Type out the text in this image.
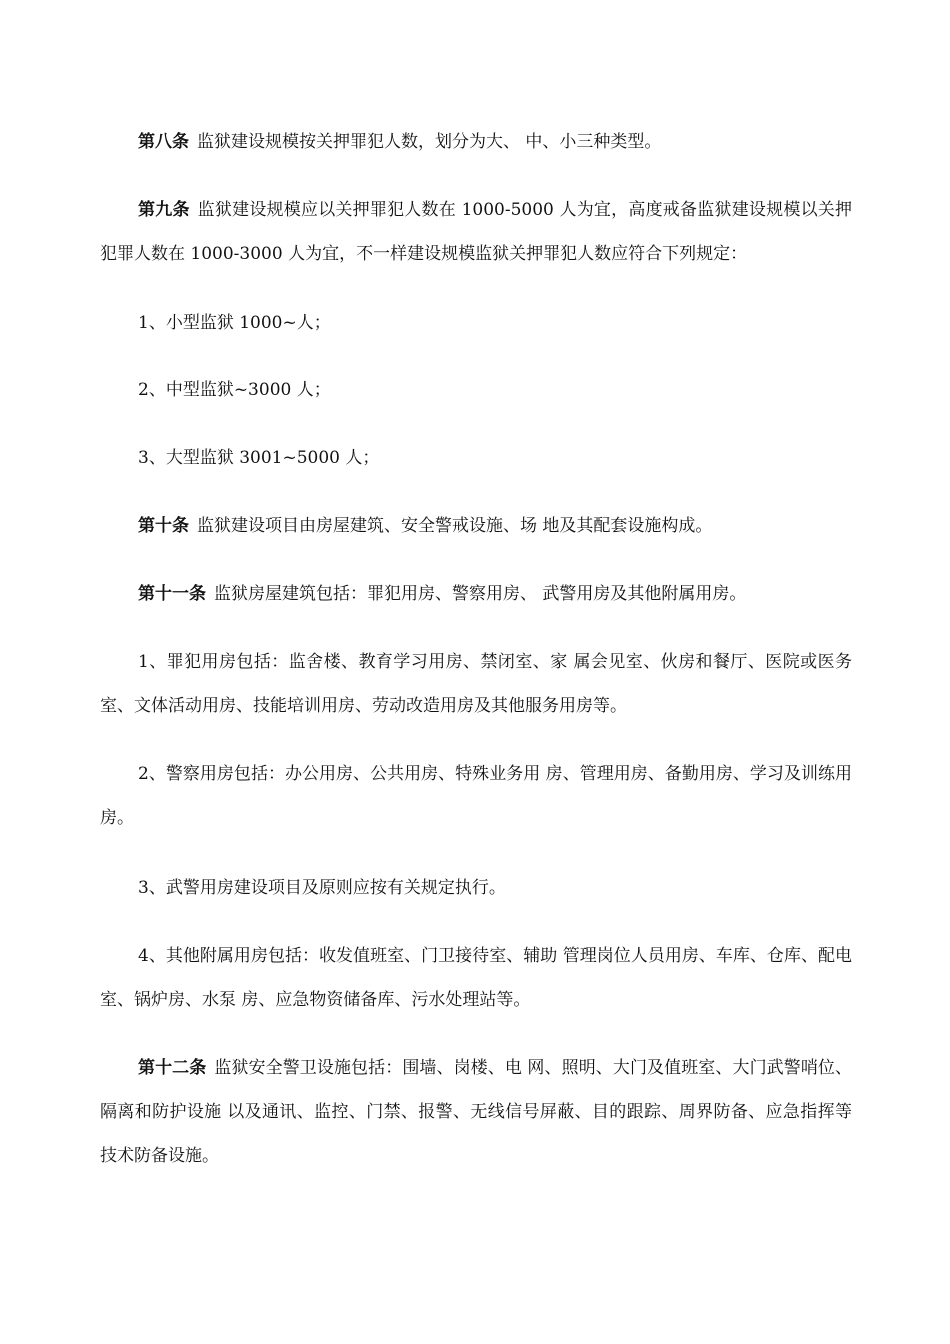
第八条 监狱建设规模按关押罪犯人数，划分为大、 中、小三种类型。

第九条 监狱建设规模应以关押罪犯人数在 1000-5000 人为宜，高度戒备监狱建设规模以关押犯罪人数在 1000-3000 人为宜，不一样建设规模监狱关押罪犯人数应符合下列规定：

1、小型监狱 1000~人；

2、中型监狱~3000 人；

3、大型监狱 3001~5000 人；

第十条 监狱建设项目由房屋建筑、安全警戒设施、场 地及其配套设施构成。

第十一条 监狱房屋建筑包括：罪犯用房、警察用房、 武警用房及其他附属用房。

1、罪犯用房包括：监舍楼、教育学习用房、禁闭室、家 属会见室、伙房和餐厅、医院或医务室、文体活动用房、技能培训用房、劳动改造用房及其他服务用房等。

2、警察用房包括：办公用房、公共用房、特殊业务用 房、管理用房、备勤用房、学习及训练用房。

3、武警用房建设项目及原则应按有关规定执行。

4、其他附属用房包括：收发值班室、门卫接待室、辅助 管理岗位人员用房、车库、仓库、配电室、锅炉房、水泵 房、应急物资储备库、污水处理站等。

第十二条 监狱安全警卫设施包括：围墙、岗楼、电 网、照明、大门及值班室、大门武警哨位、隔离和防护设施 以及通讯、监控、门禁、报警、无线信号屏蔽、目的跟踪、周界防备、应急指挥等技术防备设施。
